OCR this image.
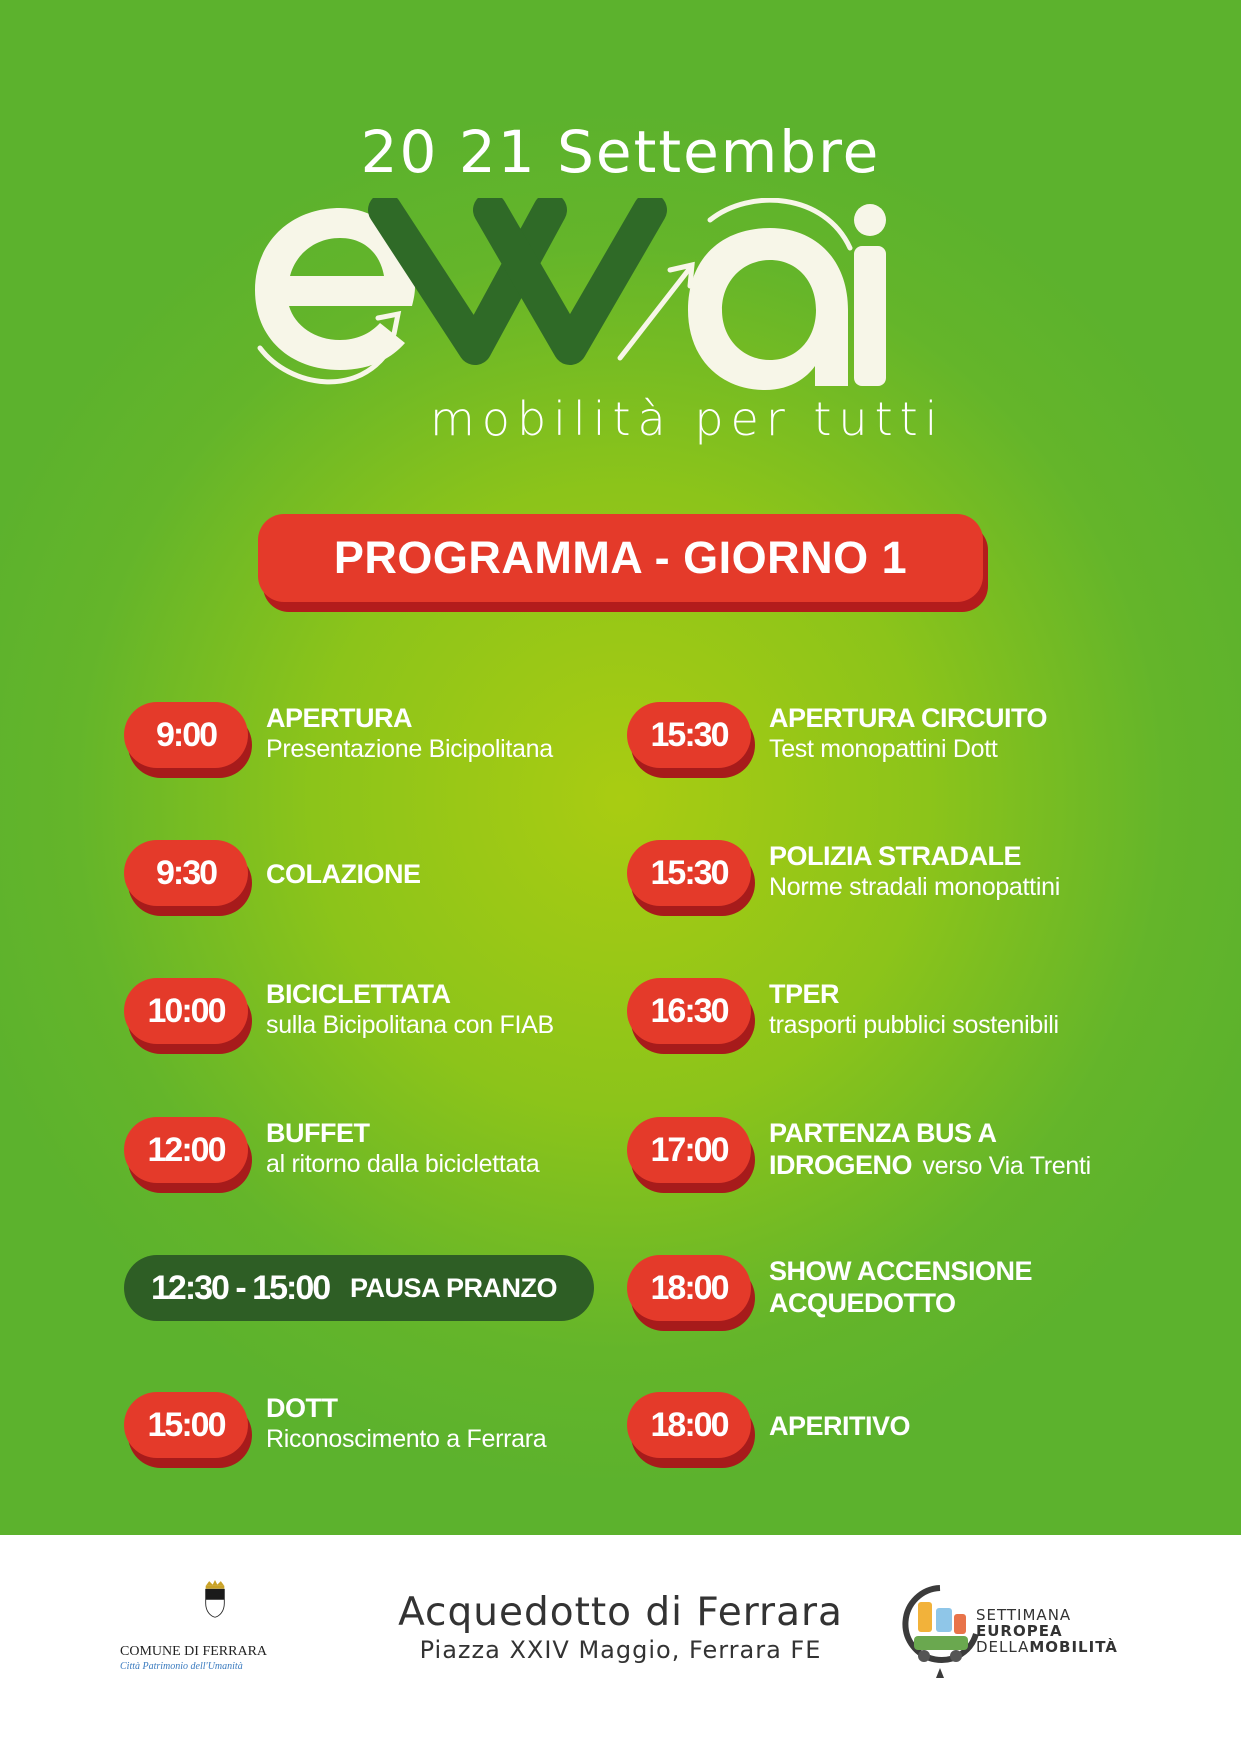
20 21 Settembre
mobilità per tutti
PROGRAMMA - GIORNO 1
9:00	APERTURA
Presentazione Bicipolitana
9:30	COLAZIONE
10:00	BICICLETTATA
sulla Bicipolitana con FIAB
12:00	BUFFET
al ritorno dalla biciclettata
12:30 - 15:00 PAUSA PRANZO
15:00	DOTT
Riconoscimento a Ferrara
15:30	APERTURA CIRCUITO
Test monopattini Dott
15:30	POLIZIA STRADALE
Norme stradali monopattini
16:30	TPER
trasporti pubblici sostenibili
17:00	PARTENZA BUS A
IDROGENO verso Via Trenti
18:00	SHOW ACCENSIONE
ACQUEDOTTO
18:00	APERITIVO
COMUNE DI FERRARA
Città Patrimonio dell'Umanità
Acquedotto di Ferrara
Piazza XXIV Maggio, Ferrara FE
SETTIMANA
EUROPEA
DELLAMOBILITÀ
